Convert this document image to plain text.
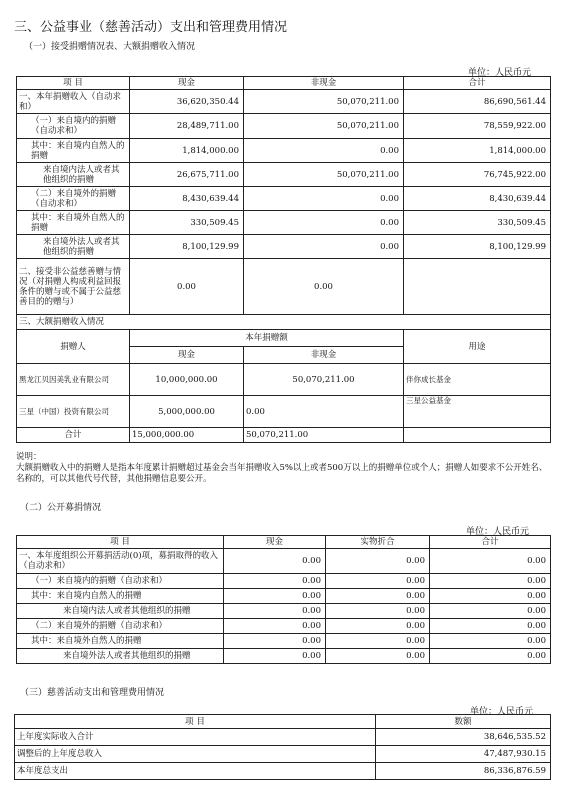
三、公益事业（慈善活动）支出和管理费用情况
（一）接受捐赠情况表、大额捐赠收入情况
单位：人民币元
项 目	现金	非现金	合计
一、本年捐赠收入（自动求和）	36,620,350.44	50,070,211.00	86,690,561.44
（一）来自境内的捐赠（自动求和）	28,489,711.00	50,070,211.00	78,559,922.00
其中：来自境内自然人的捐赠	1,814,000.00	0.00	1,814,000.00
来自境内法人或者其他组织的捐赠	26,675,711.00	50,070,211.00	76,745,922.00
（二）来自境外的捐赠（自动求和）	8,430,639.44	0.00	8,430,639.44
其中：来自境外自然人的捐赠	330,509.45	0.00	330,509.45
来自境外法人或者其他组织的捐赠	8,100,129.99	0.00	8,100,129.99
二、接受非公益慈善赠与情况（对捐赠人构成利益回报条件的赠与或不属于公益慈善目的的赠与）	0.00	0.00	
三、大额捐赠收入情况			
捐赠人	本年捐赠额		用途
	现金	非现金	
黑龙江贝因美乳业有限公司	10,000,000.00	50,070,211.00	伴你成长基金
三星（中国）投资有限公司	5,000,000.00	0.00	三星公益基金
合计	15,000,000.00	50,070,211.00	
说明：
大额捐赠收入中的捐赠人是指本年度累计捐赠超过基金会当年捐赠收入5%以上或者500万以上的捐赠单位或个人；捐赠人如要求不公开姓名、名称的，可以其他代号代替，其他捐赠信息要公开。
（二）公开募捐情况
单位：人民币元
项 目	现金	实物折合	合计
一、本年度组织公开募捐活动(0)项，募捐取得的收入（自动求和）	0.00	0.00	0.00
（一）来自境内的捐赠（自动求和）	0.00	0.00	0.00
其中：来自境内自然人的捐赠	0.00	0.00	0.00
来自境内法人或者其他组织的捐赠	0.00	0.00	0.00
（二）来自境外的捐赠（自动求和）	0.00	0.00	0.00
其中：来自境外自然人的捐赠	0.00	0.00	0.00
来自境外法人或者其他组织的捐赠	0.00	0.00	0.00
（三）慈善活动支出和管理费用情况
单位：人民币元
项 目	数额
上年度实际收入合计	38,646,535.52
调整后的上年度总收入	47,487,930.15
本年度总支出	86,336,876.59
